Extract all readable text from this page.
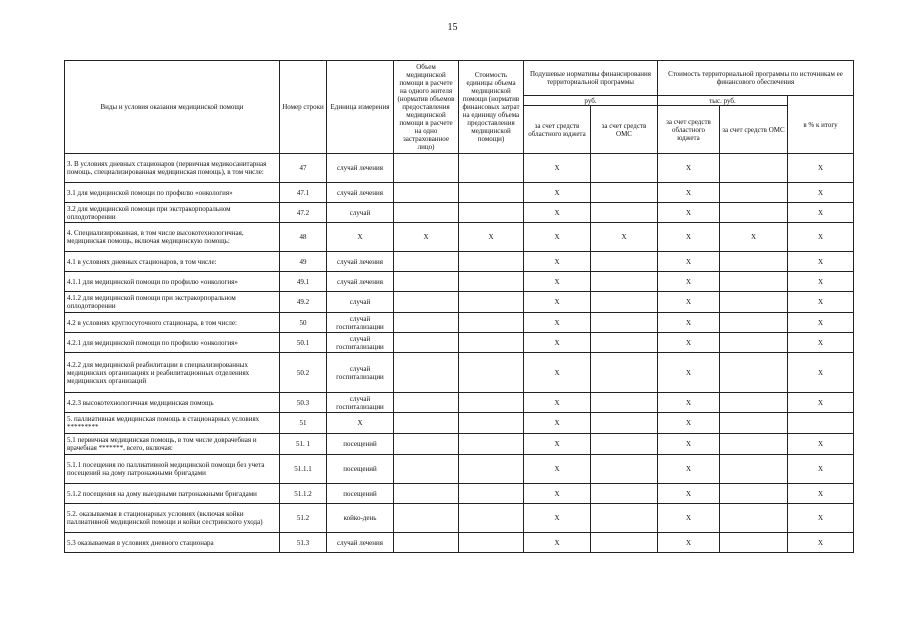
15
Виды и условия оказания медицинской помощи	Номер строки	Единица измерения	Объем медицинской помощи в расчете на одного жителя (норматив объемов предоставления медицинской помощи в расчете на одно застрахованное лицо)	Стоимость единицы объема медицинской помощи (норматив финансовых затрат на единицу объема предоставления медицинской помощи)	Подушевые нормативы финансирования территориальной программы		Стоимость территориальной программы по источникам ее финансового обеспечения		
					руб.		тыс. руб.		в % к итогу
					за счет средств областного юджета	за счет средств ОМС	за счет средств областного юджета	за счет средств ОМС	
3. В условиях дневных стационаров (первичная медикосанитарная помощь, специализированная медицинская помощь), в том числе:	47	случай лечения			X		X		X
3.1 для медицинской помощи по профилю «онкология»	47.1	случай лечения			X		X		X
3.2 для медицинской помощи при экстракорпоральном оплодотворении	47.2	случай			X		X		X
4. Специализированная, в том числе высокотехнологичная, медицинская помощь, включая медицинскую помощь:	48	X	X	X	X	X	X	X	X
4.1 в условиях дневных стационаров, в том числе:	49	случай лечения			X		X		X
4.1.1 для медицинской помощи по профилю «онкология»	49.1	случай лечения			X		X		X
4.1.2 для медицинской помощи при экстракорпоральном оплодотворении	49.2	случай			X		X		X
4.2 в условиях круглосуточного стационара, в том числе:	50	случай госпитализации			X		X		X
4.2.1 для медицинской помощи по профилю «онкология»	50.1	случай госпитализации			X		X		X
4.2.2 для медицинской реабилитации в специализированных медицинских организациях и реабилитационных отделениях медицинских организаций	50.2	случай госпитализации			X		X		X
4.2.3 высокотехнологичная медицинская помощь	50.3	случай госпитализации			X		X		X
5. паллиативная медицинская помощь в стационарных условиях *********	51	X			X		X		
5.1 первичная медицинская помощь, в том числе доврачебная и врачебная *******, всего, включая:	51. 1	посещений			X		X		X
5.1.1 посещения по паллиативной медицинской помощи без учета посещений на дому патронажными бригадами	51.1.1	посещений			X		X		X
5.1.2 посещения на дому выездными патронажными бригадами	51.1.2	посещений			X		X		X
5.2. оказываемая в стационарных условиях (включая койки паллиативной медицинской помощи и койки сестринского ухода)	51.2	койко-день			X		X		X
5.3 оказываемая в условиях дневного стационара	51.3	случай лечения			X		X		X
